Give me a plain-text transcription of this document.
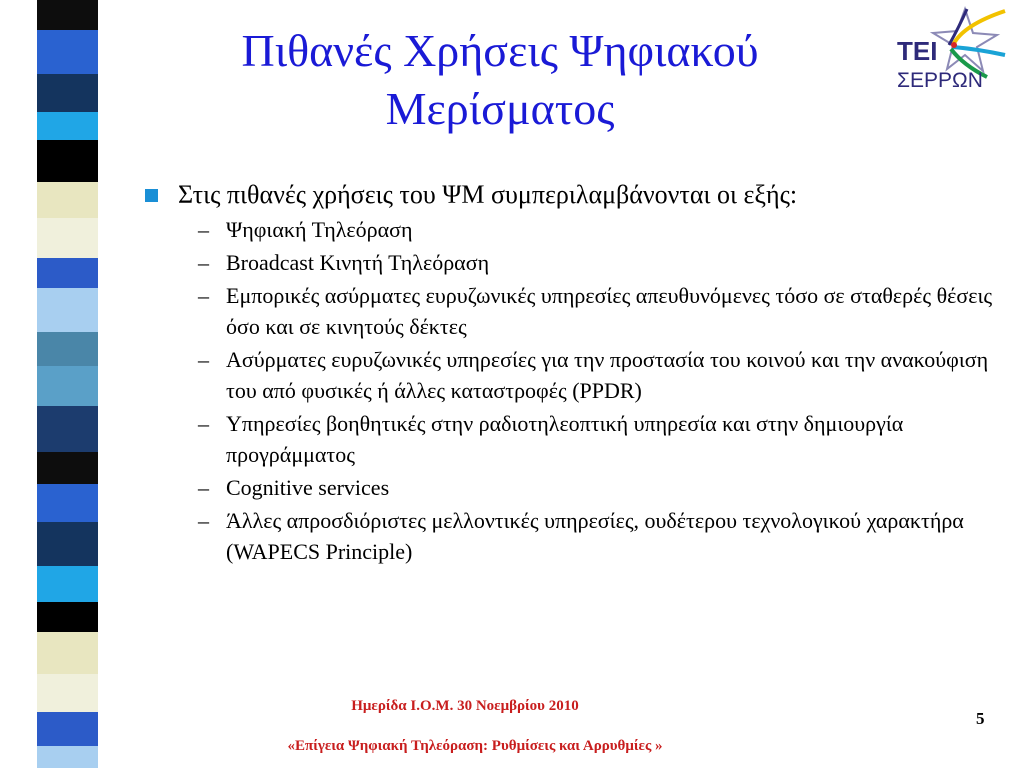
Πιθανές Χρήσεις Ψηφιακού
Μερίσματος
ΤΕΙ
ΣΕΡΡΩΝ
Στις πιθανές χρήσεις του ΨΜ συμπεριλαμβάνονται οι εξής:
– Ψηφιακή Τηλεόραση
– Broadcast Κινητή Τηλεόραση
– Εμπορικές ασύρματες ευρυζωνικές υπηρεσίες απευθυνόμενες τόσο σε σταθερές θέσεις όσο και σε κινητούς δέκτες
– Ασύρματες ευρυζωνικές υπηρεσίες για την προστασία του κοινού και την ανακούφιση του από φυσικές ή άλλες καταστροφές (PPDR)
– Υπηρεσίες βοηθητικές στην ραδιοτηλεοπτική υπηρεσία και στην δημιουργία προγράμματος
– Cognitive services
– Άλλες απροσδιόριστες μελλοντικές υπηρεσίες, ουδέτερου τεχνολογικού χαρακτήρα (WAPECS Principle)
Ημερίδα Ι.Ο.Μ. 30 Νοεμβρίου 2010
«Επίγεια Ψηφιακή Τηλεόραση: Ρυθμίσεις και Αρρυθμίες »
5
